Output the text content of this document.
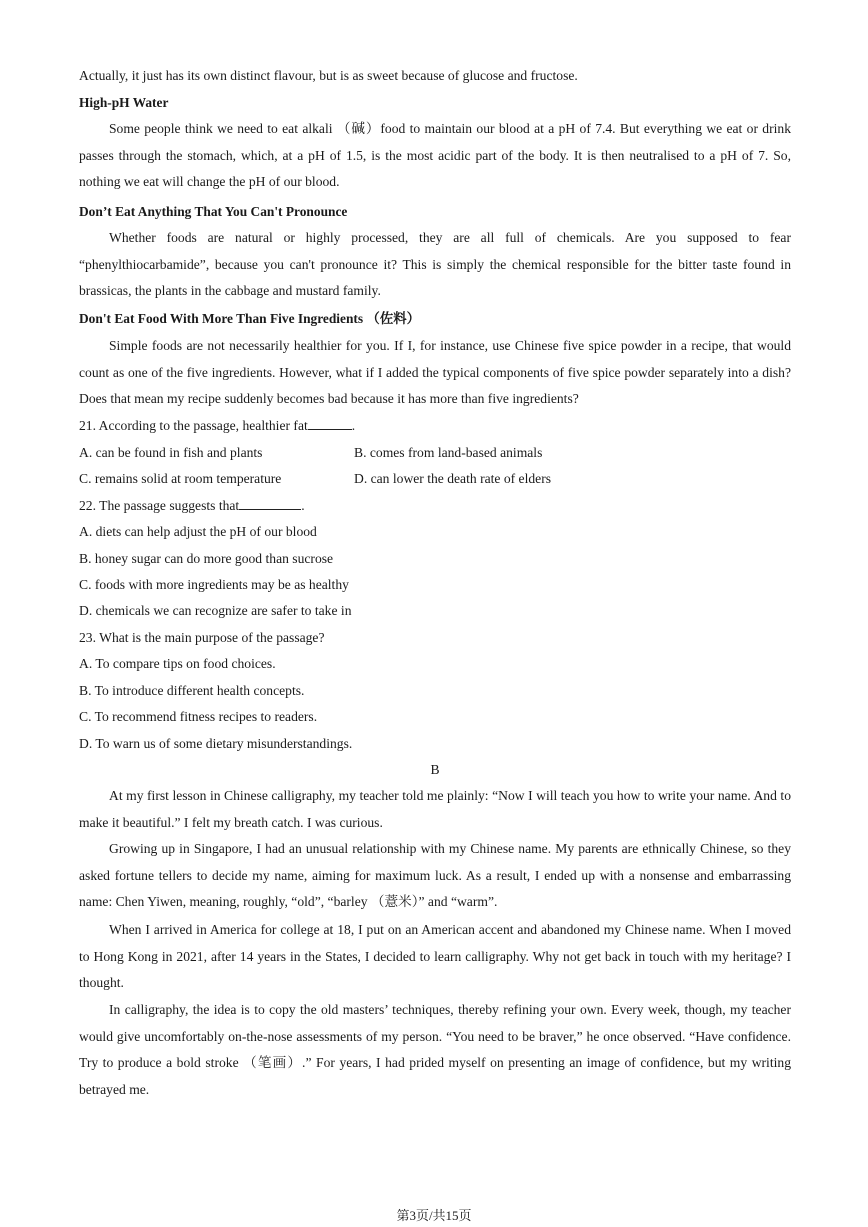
Actually, it just has its own distinct flavour, but is as sweet because of glucose and fructose.
High-pH Water
Some people think we need to eat alkali （碱）food to maintain our blood at a pH of 7.4. But everything we eat or drink passes through the stomach, which, at a pH of 1.5, is the most acidic part of the body. It is then neutralised to a pH of 7. So, nothing we eat will change the pH of our blood.
Don’t Eat Anything That You Can't Pronounce
Whether foods are natural or highly processed, they are all full of chemicals. Are you supposed to fear “phenylthiocarbamide”, because you can't pronounce it? This is simply the chemical responsible for the bitter taste found in brassicas, the plants in the cabbage and mustard family.
Don't Eat Food With More Than Five Ingredients （佐料）
Simple foods are not necessarily healthier for you. If I, for instance, use Chinese five spice powder in a recipe, that would count as one of the five ingredients. However, what if I added the typical components of five spice powder separately into a dish? Does that mean my recipe suddenly becomes bad because it has more than five ingredients?
21. According to the passage, healthier fat	.
A. can be found in fish and plants	B. comes from land-based animals
C. remains solid at room temperature	D. can lower the death rate of elders
22. The passage suggests that	.
A. diets can help adjust the pH of our blood
B. honey sugar can do more good than sucrose
C. foods with more ingredients may be as healthy
D. chemicals we can recognize are safer to take in
23. What is the main purpose of the passage?
A. To compare tips on food choices.
B. To introduce different health concepts.
C. To recommend fitness recipes to readers.
D. To warn us of some dietary misunderstandings.
B
At my first lesson in Chinese calligraphy, my teacher told me plainly: “Now I will teach you how to write your name. And to make it beautiful.” I felt my breath catch. I was curious.
Growing up in Singapore, I had an unusual relationship with my Chinese name. My parents are ethnically Chinese, so they asked fortune tellers to decide my name, aiming for maximum luck. As a result, I ended up with a nonsense and embarrassing name: Chen Yiwen, meaning, roughly, “old”, “barley （薏米）” and “warm”.
When I arrived in America for college at 18, I put on an American accent and abandoned my Chinese name. When I moved to Hong Kong in 2021, after 14 years in the States, I decided to learn calligraphy. Why not get back in touch with my heritage? I thought.
In calligraphy, the idea is to copy the old masters’ techniques, thereby refining your own. Every week, though, my teacher would give uncomfortably on-the-nose assessments of my person. “You need to be braver,” he once observed. “Have confidence. Try to produce a bold stroke （笔画）.” For years, I had prided myself on presenting an image of confidence, but my writing betrayed me.
第3页/共15页
